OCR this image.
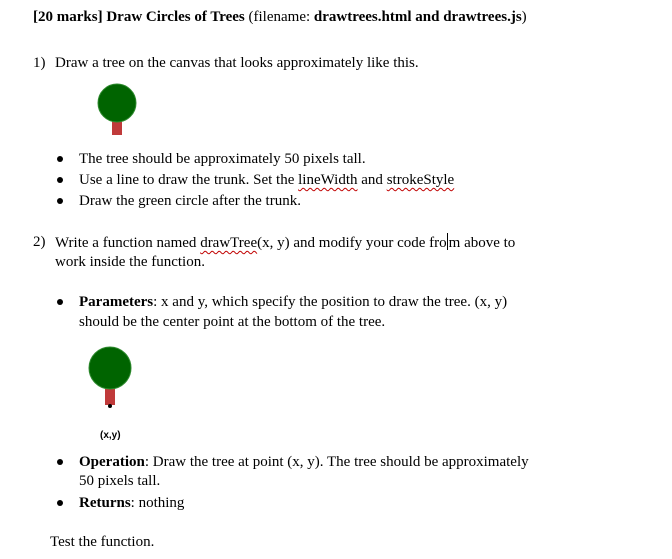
[20 marks] Draw Circles of Trees (filename: drawtrees.html and drawtrees.js)
1) Draw a tree on the canvas that looks approximately like this.
The tree should be approximately 50 pixels tall.
Use a line to draw the trunk. Set the lineWidth and strokeStyle
Draw the green circle after the trunk.
2) Write a function named drawTree(x, y) and modify your code fro m above to
work inside the function.
Parameters: x and y, which specify the position to draw the tree. (x, y)
should be the center point at the bottom of the tree.
(x,y)
Operation: Draw the tree at point (x, y). The tree should be approximately
50 pixels tall.
Returns: nothing
Test the function.
